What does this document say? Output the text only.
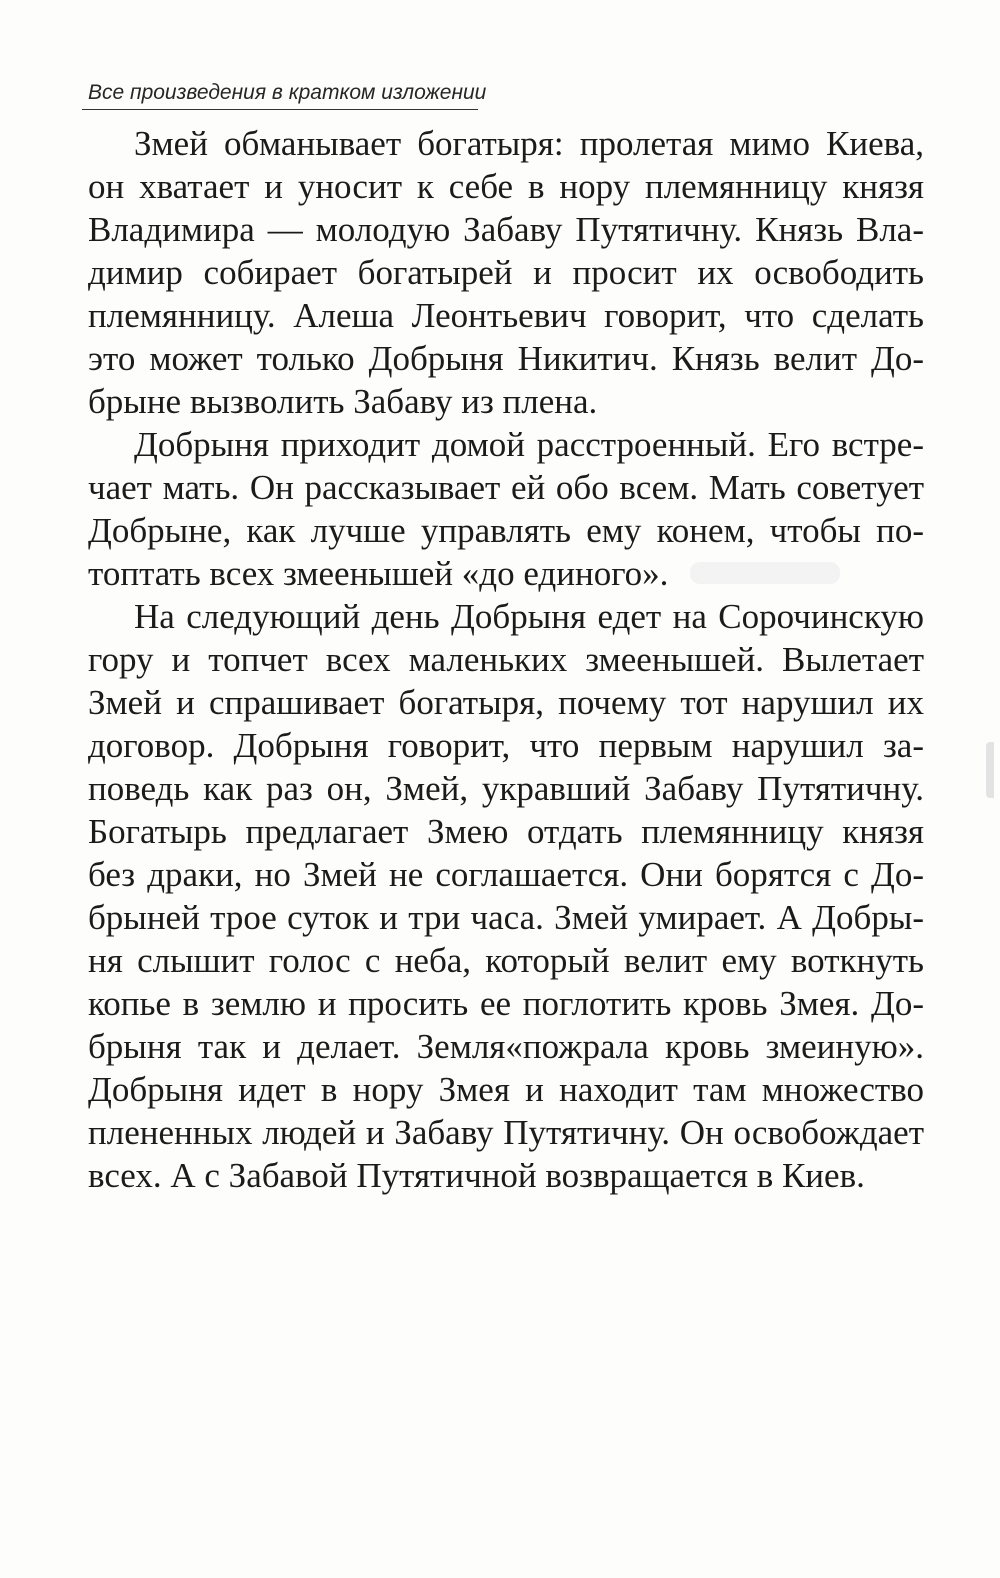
Все произведения в кратком изложении
Змей обманывает богатыря: пролетая мимо Киева,
он хватает и уносит к себе в нору племянницу князя
Владимира — молодую Забаву Путятичну. Князь Вла-
димир собирает богатырей и просит их освободить
племянницу. Алеша Леонтьевич говорит, что сделать
это может только Добрыня Никитич. Князь велит До-
брыне вызволить Забаву из плена.
Добрыня приходит домой расстроенный. Его встре-
чает мать. Он рассказывает ей обо всем. Мать советует
Добрыне, как лучше управлять ему конем, чтобы по-
топтать всех змеенышей «до единого».
На следующий день Добрыня едет на Сорочинскую
гору и топчет всех маленьких змеенышей. Вылетает
Змей и спрашивает богатыря, почему тот нарушил их
договор. Добрыня говорит, что первым нарушил за-
поведь как раз он, Змей, укравший Забаву Путятичну.
Богатырь предлагает Змею отдать племянницу князя
без драки, но Змей не соглашается. Они борятся с До-
брыней трое суток и три часа. Змей умирает. А Добры-
ня слышит голос с неба, который велит ему воткнуть
копье в землю и просить ее поглотить кровь Змея. До-
брыня так и делает. Земля«пожрала кровь змеиную».
Добрыня идет в нору Змея и находит там множество
плененных людей и Забаву Путятичну. Он освобождает
всех. А с Забавой Путятичной возвращается в Киев.
